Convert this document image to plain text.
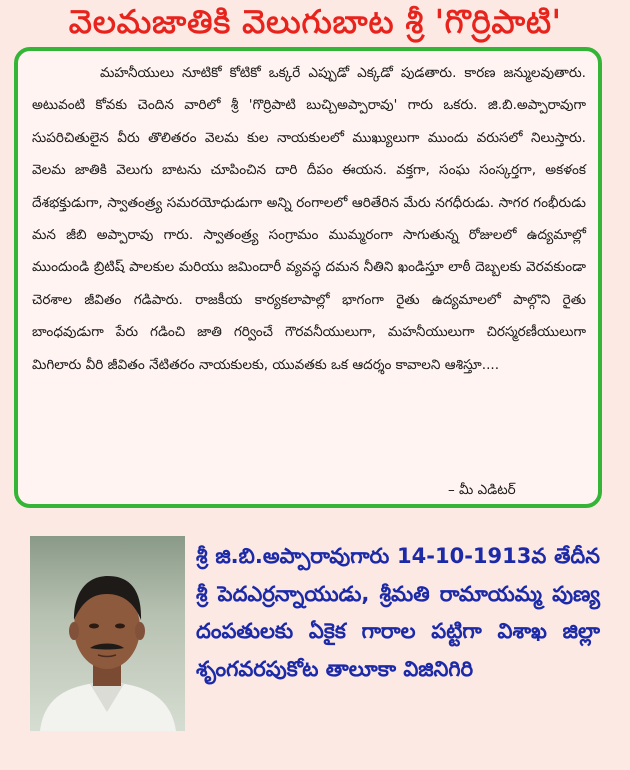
వెలమజాతికి వెలుగుబాట శ్రీ 'గొర్రిపాటి'

మహనీయులు నూటికో కోటికో ఒక్కరే ఎప్పుడో ఎక్కడో పుడతారు. కారణ జన్ములవుతారు. అటువంటి కోవకు చెందిన వారిలో శ్రీ 'గొర్రిపాటి బుచ్చిఅప్పారావు' గారు ఒకరు. జి.బి.అప్పారావుగా సుపరిచితులైన వీరు తొలితరం వెలమ కుల నాయకులలో ముఖ్యులుగా ముందు వరుసలో నిలుస్తారు. వెలమ జాతికి వెలుగు బాటను చూపించిన దారి దీపం ఈయన. వక్తగా, సంఘ సంస్కర్తగా, అకళంక దేశభక్తుడుగా, స్వాతంత్ర్య సమరయోధుడుగా అన్ని రంగాలలో ఆరితేరిన మేరు నగధీరుడు. సాగర గంభీరుడు మన జీబి అప్పారావు గారు. స్వాతంత్ర్య సంగ్రామం ముమ్మరంగా సాగుతున్న రోజులలో ఉద్యమాల్లో ముందుండి బ్రిటిష్ పాలకుల మరియు జమిందారీ వ్యవస్థ దమన నీతిని ఖండిస్తూ లాఠీ దెబ్బలకు వెరవకుండా చెరశాల జీవితం గడిపారు. రాజకీయ కార్యకలాపాల్లో భాగంగా రైతు ఉద్యమాలలో పాల్గొని రైతు బాంధవుడుగా పేరు గడించి జాతి గర్వించే గౌరవనీయులుగా, మహనీయులుగా చిరస్మరణీయులుగా మిగిలారు వీరి జీవితం నేటితరం నాయకులకు, యువతకు ఒక ఆదర్శం కావాలని ఆశిస్తూ....

– మీ ఎడిటర్

శ్రీ జి.బి.అప్పారావుగారు 14-10-1913వ తేదీన శ్రీ పెదఎర్రన్నాయుడు, శ్రీమతి రామాయమ్మ పుణ్య దంపతులకు ఏకైక గారాల పట్టిగా విశాఖ జిల్లా శృంగవరపుకోట తాలూకా విజినిగిరి
